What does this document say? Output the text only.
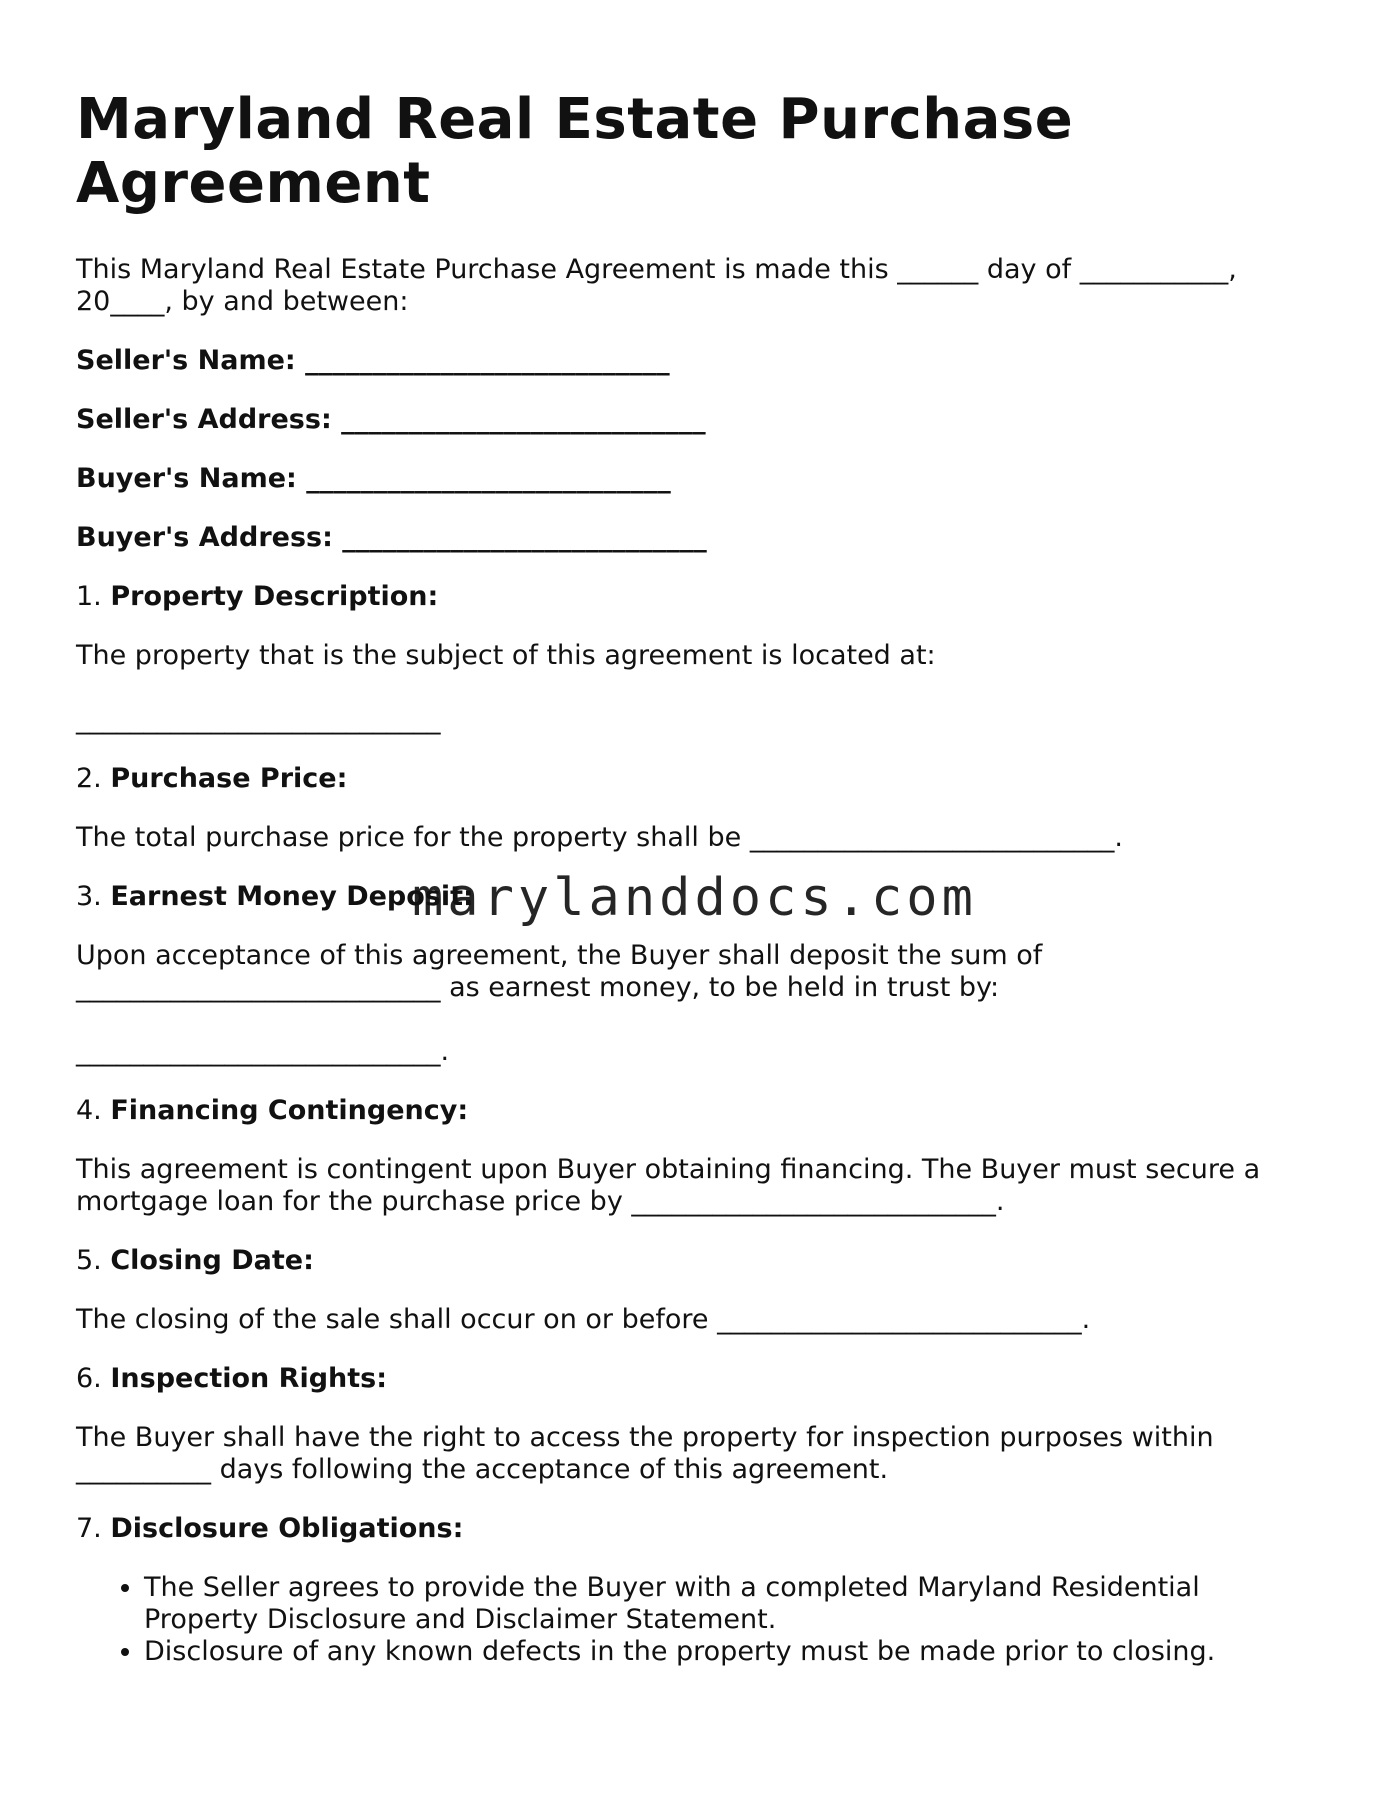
Maryland Real Estate Purchase Agreement

This Maryland Real Estate Purchase Agreement is made this ______ day of ___________, 20____, by and between:

Seller's Name: ___________________________

Seller's Address: ___________________________

Buyer's Name: ___________________________

Buyer's Address: ___________________________

1. Property Description:

The property that is the subject of this agreement is located at:

___________________________

2. Purchase Price:

The total purchase price for the property shall be ___________________________.

3. Earnest Money Deposit:

Upon acceptance of this agreement, the Buyer shall deposit the sum of ___________________________ as earnest money, to be held in trust by:

___________________________.

4. Financing Contingency:

This agreement is contingent upon Buyer obtaining financing. The Buyer must secure a mortgage loan for the purchase price by ___________________________.

5. Closing Date:

The closing of the sale shall occur on or before ___________________________.

6. Inspection Rights:

The Buyer shall have the right to access the property for inspection purposes within __________ days following the acceptance of this agreement.

7. Disclosure Obligations:

• The Seller agrees to provide the Buyer with a completed Maryland Residential Property Disclosure and Disclaimer Statement.
• Disclosure of any known defects in the property must be made prior to closing.
marylanddocs.com
